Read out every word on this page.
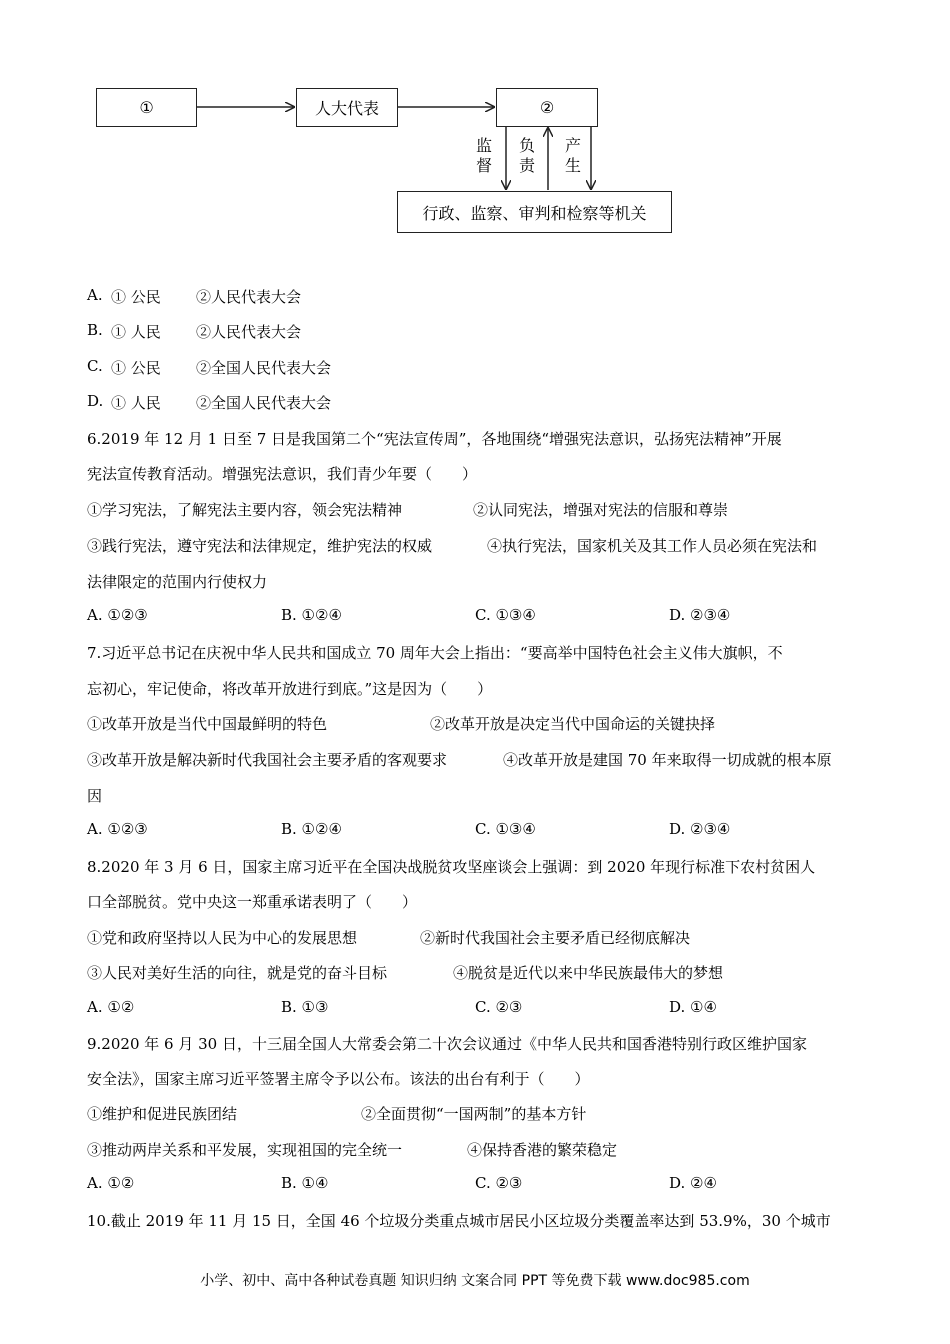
①	人大代表	②
监
督
负
责
产
生
行政、监察、审判和检察等机关
A. ① 公民 ②人民代表大会
B. ① 人民 ②人民代表大会
C. ① 公民 ②全国人民代表大会
D. ① 人民 ②全国人民代表大会
6.2019 年 12 月 1 日至 7 日是我国第二个“宪法宣传周”，各地围绕“增强宪法意识，弘扬宪法精神”开展
宪法宣传教育活动。增强宪法意识，我们青少年要（　　）
①学习宪法，了解宪法主要内容，领会宪法精神	②认同宪法，增强对宪法的信服和尊崇
③践行宪法，遵守宪法和法律规定，维护宪法的权威	④执行宪法，国家机关及其工作人员必须在宪法和
法律限定的范围内行使权力
A. ①②③	B. ①②④	C. ①③④	D. ②③④
7.习近平总书记在庆祝中华人民共和国成立 70 周年大会上指出：“要高举中国特色社会主义伟大旗帜，不
忘初心，牢记使命，将改革开放进行到底。”这是因为（　　）
①改革开放是当代中国最鲜明的特色	②改革开放是决定当代中国命运的关键抉择
③改革开放是解决新时代我国社会主要矛盾的客观要求	④改革开放是建国 70 年来取得一切成就的根本原
因
A. ①②③	B. ①②④	C. ①③④	D. ②③④
8.2020 年 3 月 6 日，国家主席习近平在全国决战脱贫攻坚座谈会上强调：到 2020 年现行标准下农村贫困人
口全部脱贫。党中央这一郑重承诺表明了（　　）
①党和政府坚持以人民为中心的发展思想	②新时代我国社会主要矛盾已经彻底解决
③人民对美好生活的向往，就是党的奋斗目标	④脱贫是近代以来中华民族最伟大的梦想
A. ①②	B. ①③	C. ②③	D. ①④
9.2020 年 6 月 30 日，十三届全国人大常委会第二十次会议通过《中华人民共和国香港特别行政区维护国家
安全法》，国家主席习近平签署主席令予以公布。该法的出台有利于（　　）
①维护和促进民族团结	②全面贯彻“一国两制”的基本方针
③推动两岸关系和平发展，实现祖国的完全统一	④保持香港的繁荣稳定
A. ①②	B. ①④	C. ②③	D. ②④
10.截止 2019 年 11 月 15 日，全国 46 个垃圾分类重点城市居民小区垃圾分类覆盖率达到 53.9%，30 个城市
小学、初中、高中各种试卷真题 知识归纳 文案合同 PPT 等免费下载 www.doc985.com
